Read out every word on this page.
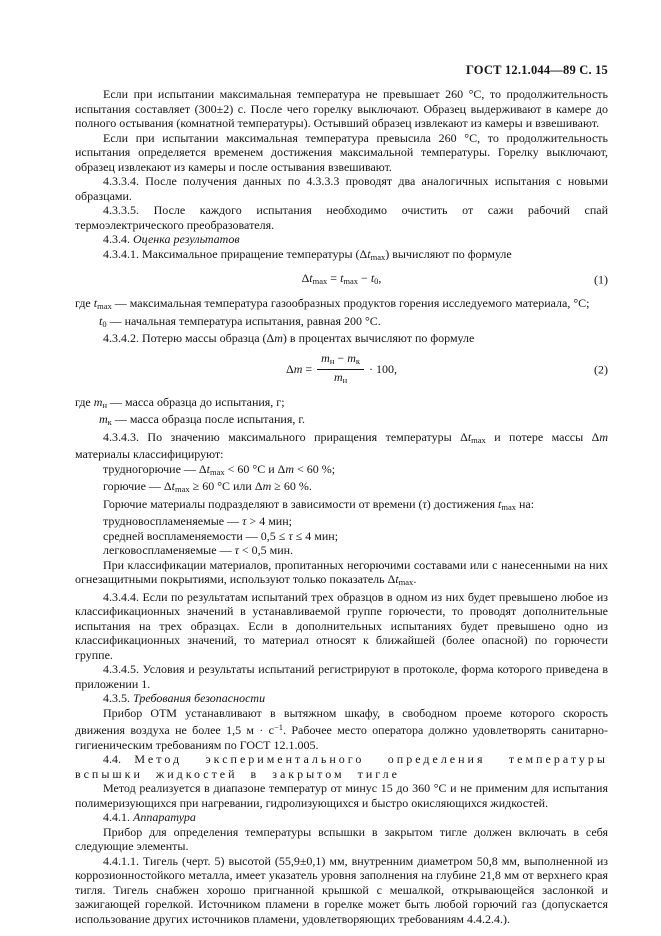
ГОСТ 12.1.044—89 С. 15

Если при испытании максимальная температура не превышает 260 °С, то продолжительность испытания составляет (300±2) с. После чего горелку выключают. Образец выдерживают в камере до полного остывания (комнатной температуры). Остывший образец извлекают из камеры и взвешивают.

Если при испытании максимальная температура превысила 260 °С, то продолжительность испытания определяется временем достижения максимальной температуры. Горелку выключают, образец извлекают из камеры и после остывания взвешивают.

4.3.3.4. После получения данных по 4.3.3.3 проводят два аналогичных испытания с новыми образцами.

4.3.3.5. После каждого испытания необходимо очистить от сажи рабочий спай термоэлектрического преобразователя.

4.3.4. Оценка результатов

4.3.4.1. Максимальное приращение температуры $(\Delta t_{max})$ вычисляют по формуле

$\Delta t_{max} = t_{max} - t_0$,	(1)

где $t_{max}$ — максимальная температура газообразных продуктов горения исследуемого материала, °С;

$t_0$ — начальная температура испытания, равная 200 °С.

4.3.4.2. Потерю массы образца (Δm) в процентах вычисляют по формуле

$\Delta m = \frac{m_н - m_к}{m_н} \cdot 100$,	(2)

где $m_н$ — масса образца до испытания, г;

$m_к$ — масса образца после испытания, г.

4.3.4.3. По значению максимального приращения температуры $\Delta t_{max}$ и потере массы Δm материалы классифицируют:

трудногорючие — $\Delta t_{max} < 60$ °С и Δm < 60 %;

горючие — $\Delta t_{max} \ge 60$ °С или Δm ≥ 60 %.

Горючие материалы подразделяют в зависимости от времени (τ) достижения $t_{max}$ на:

трудновоспламеняемые — τ > 4 мин;

средней воспламеняемости — 0,5 ≤ τ ≤ 4 мин;

легковоспламеняемые — τ < 0,5 мин.

При классификации материалов, пропитанных негорючими составами или с нанесенными на них огнезащитными покрытиями, используют только показатель $\Delta t_{max}$.

4.3.4.4. Если по результатам испытаний трех образцов в одном из них будет превышено любое из классификационных значений в устанавливаемой группе горючести, то проводят дополнительные испытания на трех образцах. Если в дополнительных испытаниях будет превышено одно из классификационных значений, то материал относят к ближайшей (более опасной) по горючести группе.

4.3.4.5. Условия и результаты испытаний регистрируют в протоколе, форма которого приведена в приложении 1.

4.3.5. Требования безопасности

Прибор ОТМ устанавливают в вытяжном шкафу, в свободном проеме которого скорость движения воздуха не более 1,5 $м \cdot с^{-1}$. Рабочее место оператора должно удовлетворять санитарно-гигиеническим требованиям по ГОСТ 12.1.005.

4.4. Метод экспериментального определения температуры вспышки жидкостей в закрытом тигле

Метод реализуется в диапазоне температур от минус 15 до 360 °С и не применим для испытания полимеризующихся при нагревании, гидролизующихся и быстро окисляющихся жидкостей.

4.4.1. Аппаратура

Прибор для определения температуры вспышки в закрытом тигле должен включать в себя следующие элементы.

4.4.1.1. Тигель (черт. 5) высотой (55,9±0,1) мм, внутренним диаметром 50,8 мм, выполненной из коррозионностойкого металла, имеет указатель уровня заполнения на глубине 21,8 мм от верхнего края тигля. Тигель снабжен хорошо пригнанной крышкой с мешалкой, открывающейся заслонкой и зажигающей горелкой. Источником пламени в горелке может быть любой горючий газ (допускается использование других источников пламени, удовлетворяющих требованиям 4.4.2.4.).
